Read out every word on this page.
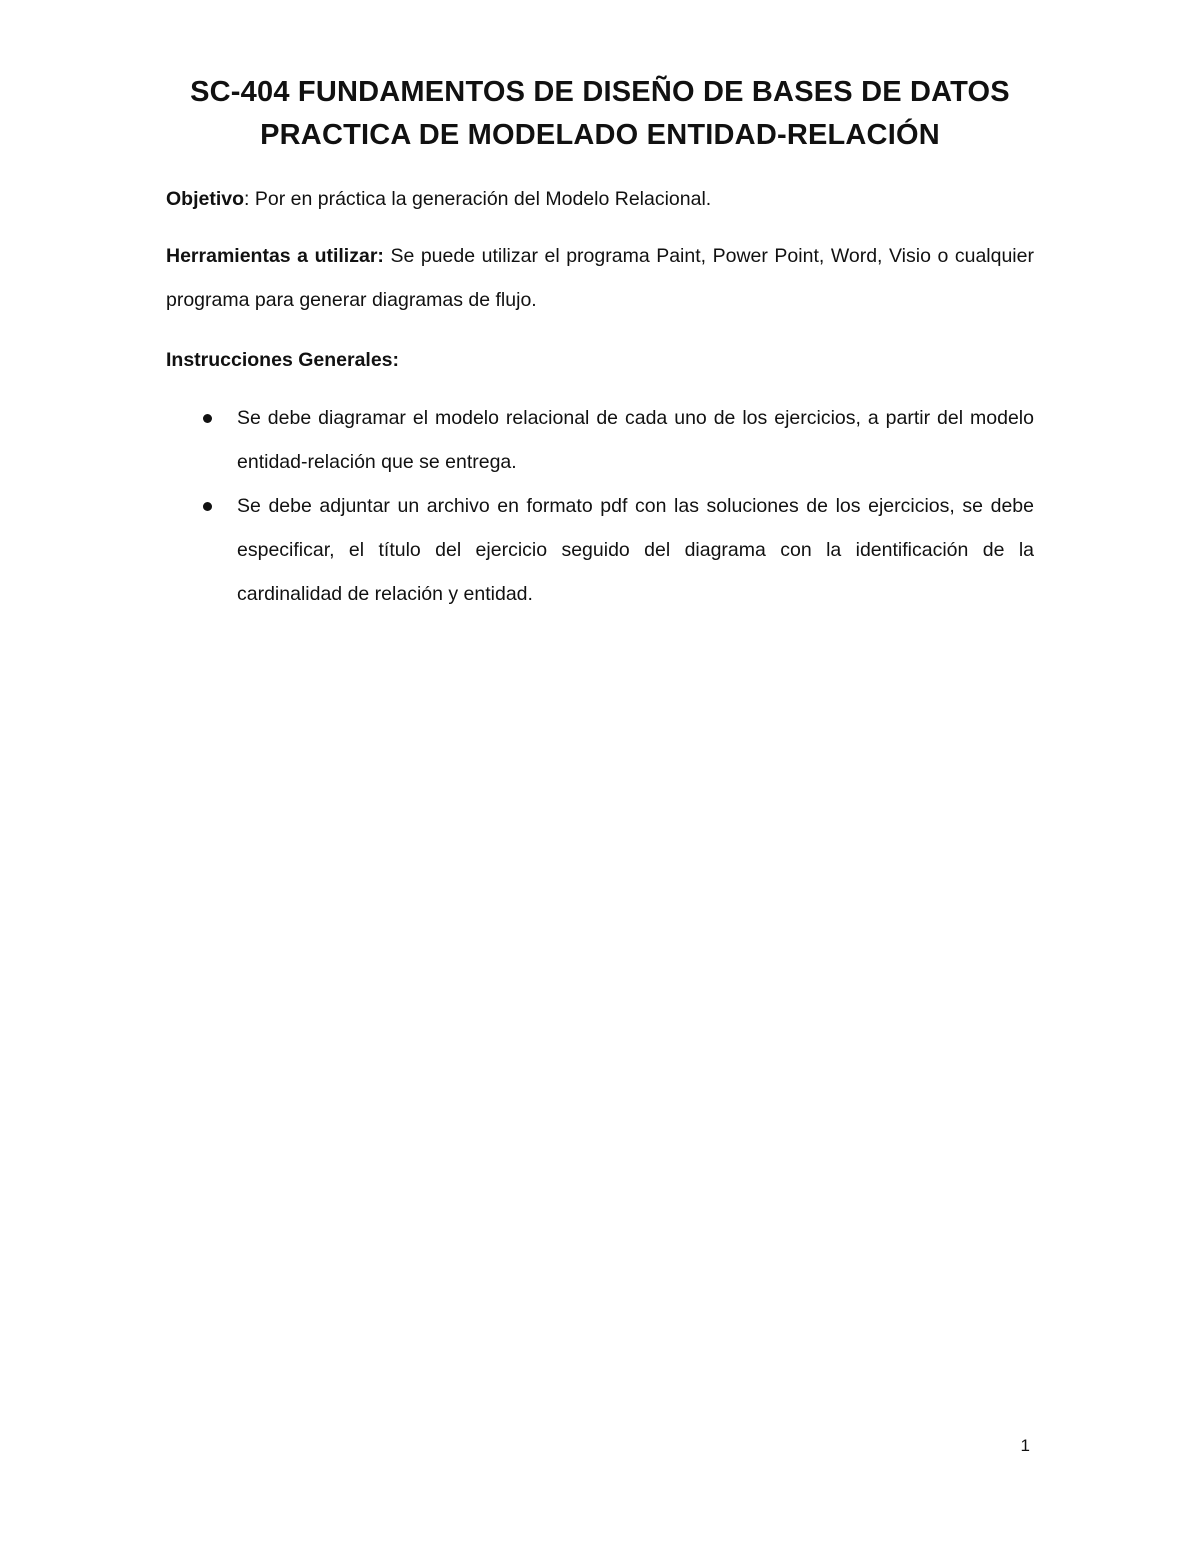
SC-404 FUNDAMENTOS DE DISEÑO DE BASES DE DATOS
PRACTICA DE MODELADO ENTIDAD-RELACIÓN
Objetivo: Por en práctica la generación del Modelo Relacional.
Herramientas a utilizar: Se puede utilizar el programa Paint, Power Point, Word, Visio o cualquier programa para generar diagramas de flujo.
Instrucciones Generales:
Se debe diagramar el modelo relacional de cada uno de los ejercicios, a partir del modelo entidad-relación que se entrega.
Se debe adjuntar un archivo en formato pdf con las soluciones de los ejercicios, se debe especificar, el título del ejercicio seguido del diagrama con la identificación de la cardinalidad de relación y entidad.
1
